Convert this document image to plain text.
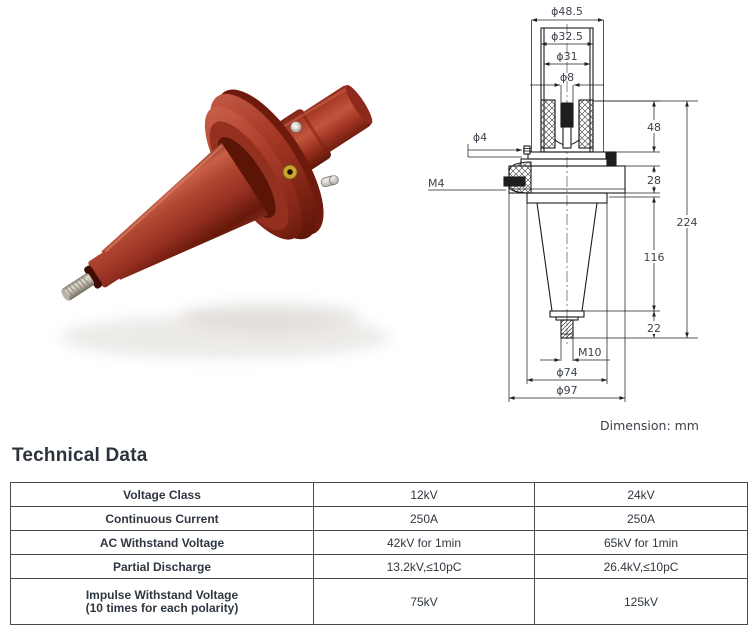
ϕ48.5
ϕ32.5
ϕ31
ϕ8
ϕ4
M4
48
28
116
22
224
M10
ϕ74
ϕ97
Dimension: mm
Technical Data
Voltage Class	12kV	24kV
Continuous Current	250A	250A
AC Withstand Voltage	42kV for 1min	65kV for 1min
Partial Discharge	13.2kV,≤10pC	26.4kV,≤10pC

Impulse Withstand Voltage
(10 times for each polarity)	75kV	125kV
